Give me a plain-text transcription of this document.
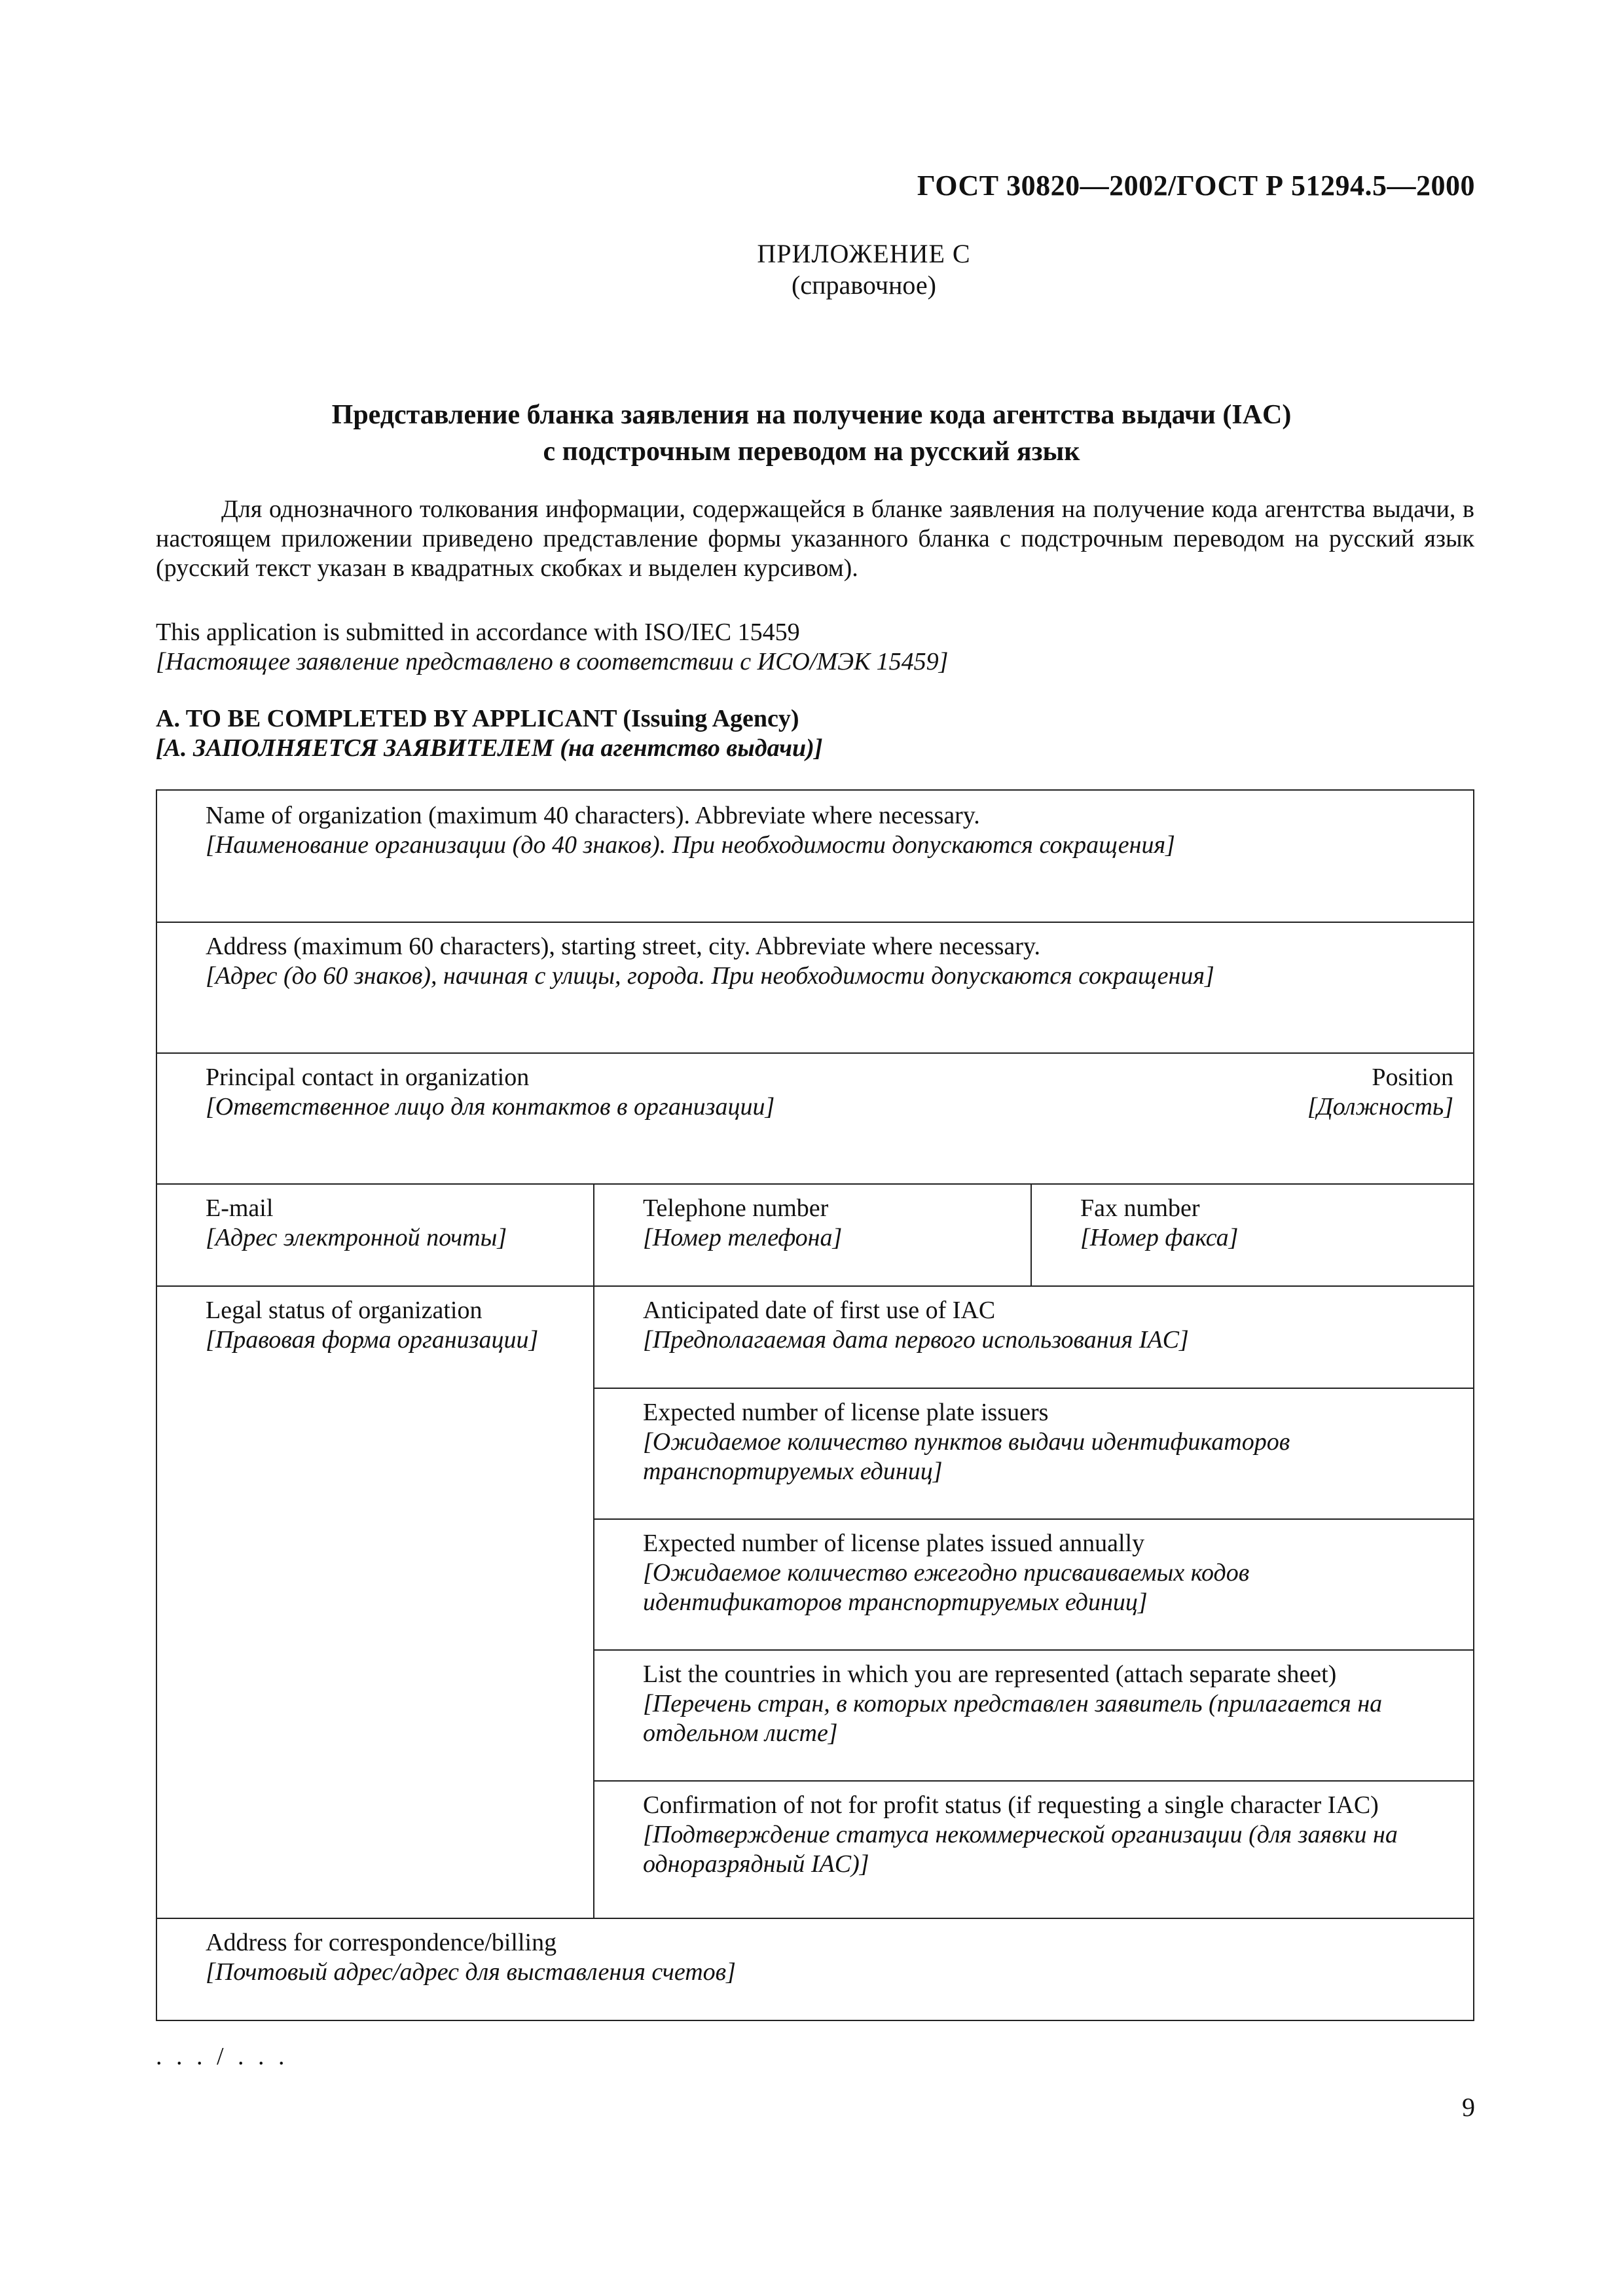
ГОСТ 30820—2002/ГОСТ Р 51294.5—2000
ПРИЛОЖЕНИЕ С
(справочное)
Представление бланка заявления на получение кода агентства выдачи (IAC)
с подстрочным переводом на русский язык
Для однозначного толкования информации, содержащейся в бланке заявления на получение кода агентства выдачи, в настоящем приложении приведено представление формы указанного бланка с подстрочным переводом на русский язык (русский текст указан в квадратных скобках и выделен курсивом).
This application is submitted in accordance with ISO/IEC 15459
[Настоящее заявление представлено в соответствии с ИСО/МЭК 15459]
A. TO BE COMPLETED BY APPLICANT (Issuing Agency)
[А. ЗАПОЛНЯЕТСЯ ЗАЯВИТЕЛЕМ (на агентство выдачи)]
Name of organization (maximum 40 characters). Abbreviate where necessary.
[Наименование организации (до 40 знаков). При необходимости допускаются сокращения]
Address (maximum 60 characters), starting street, city. Abbreviate where necessary.
[Адрес (до 60 знаков), начиная с улицы, города. При необходимости допускаются сокращения]
Principal contact in organization
[Ответственное лицо для контактов в организации]
Position
[Должность]
E-mail
[Адрес электронной почты]
Telephone number
[Номер телефона]
Fax number
[Номер факса]
Legal status of organization
[Правовая форма организации]
Anticipated date of first use of IAC
[Предполагаемая дата первого использования IAC]
Expected number of license plate issuers
[Ожидаемое количество пунктов выдачи идентификаторов
транспортируемых единиц]
Expected number of license plates issued annually
[Ожидаемое количество ежегодно присваиваемых кодов
идентификаторов транспортируемых единиц]
List the countries in which you are represented (attach separate sheet)
[Перечень стран, в которых представлен заявитель (прилагается на
отдельном листе]
Confirmation of not for profit status (if requesting a single character IAC)
[Подтверждение статуса некоммерческой организации (для заявки на
одноразрядный IAC)]
Address for correspondence/billing
[Почтовый адрес/адрес для выставления счетов]
. . . / . . .
9
